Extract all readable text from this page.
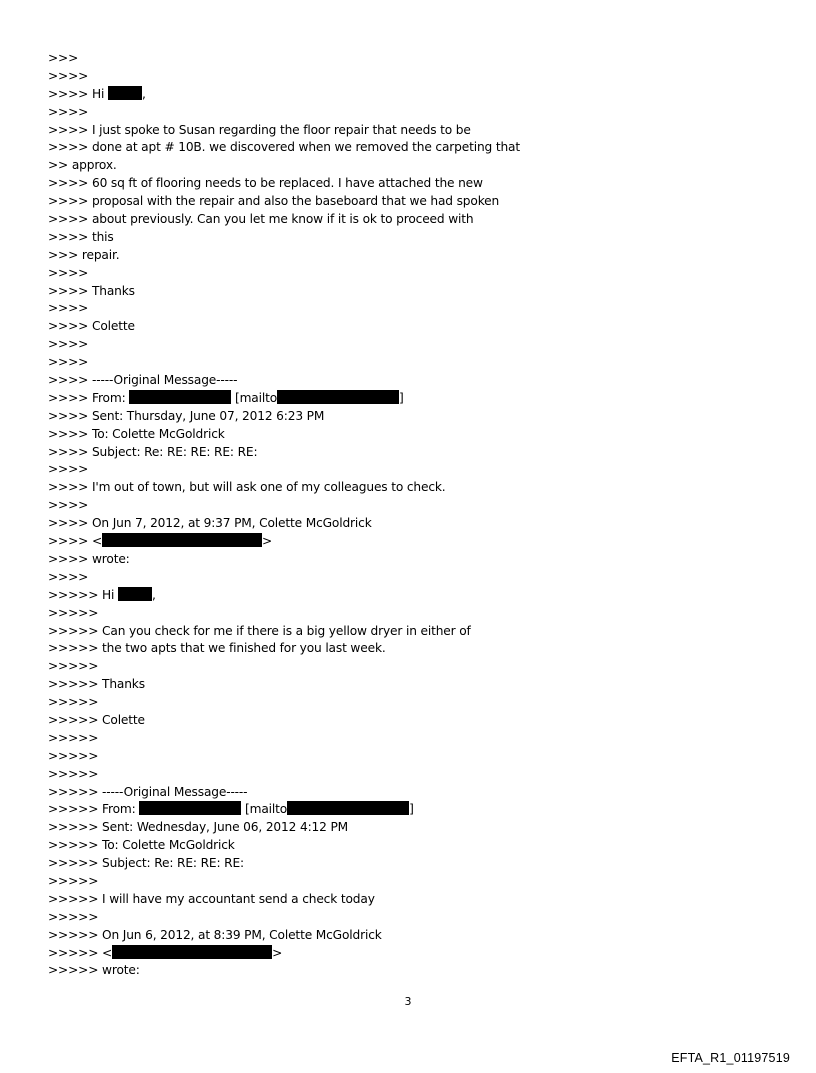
>>>
>>>>
>>>> Hi	,
>>>>
>>>> I just spoke to Susan regarding the floor repair that needs to be
>>>> done at apt # 10B. we discovered when we removed the carpeting that
>> approx.
>>>> 60 sq ft of flooring needs to be replaced. I have attached the new
>>>> proposal with the repair and also the baseboard that we had spoken
>>>> about previously. Can you let me know if it is ok to proceed with
>>>> this
>>> repair.
>>>>
>>>> Thanks
>>>>
>>>> Colette
>>>>
>>>>
>>>> -----Original Message-----
>>>> From:	[mailto	]
>>>> Sent: Thursday, June 07, 2012 6:23 PM
>>>> To: Colette McGoldrick
>>>> Subject: Re: RE: RE: RE: RE:
>>>>
>>>> I'm out of town, but will ask one of my colleagues to check.
>>>>
>>>> On Jun 7, 2012, at 9:37 PM, Colette McGoldrick
>>>> <	>
>>>> wrote:
>>>>
>>>>> Hi	,
>>>>>
>>>>> Can you check for me if there is a big yellow dryer in either of
>>>>> the two apts that we finished for you last week.
>>>>>
>>>>> Thanks
>>>>>
>>>>> Colette
>>>>>
>>>>>
>>>>>
>>>>> -----Original Message-----
>>>>> From:	[mailto	]
>>>>> Sent: Wednesday, June 06, 2012 4:12 PM
>>>>> To: Colette McGoldrick
>>>>> Subject: Re: RE: RE: RE:
>>>>>
>>>>> I will have my accountant send a check today
>>>>>
>>>>> On Jun 6, 2012, at 8:39 PM, Colette McGoldrick
>>>>> <	>
>>>>> wrote:
3
EFTA_R1_01197519
